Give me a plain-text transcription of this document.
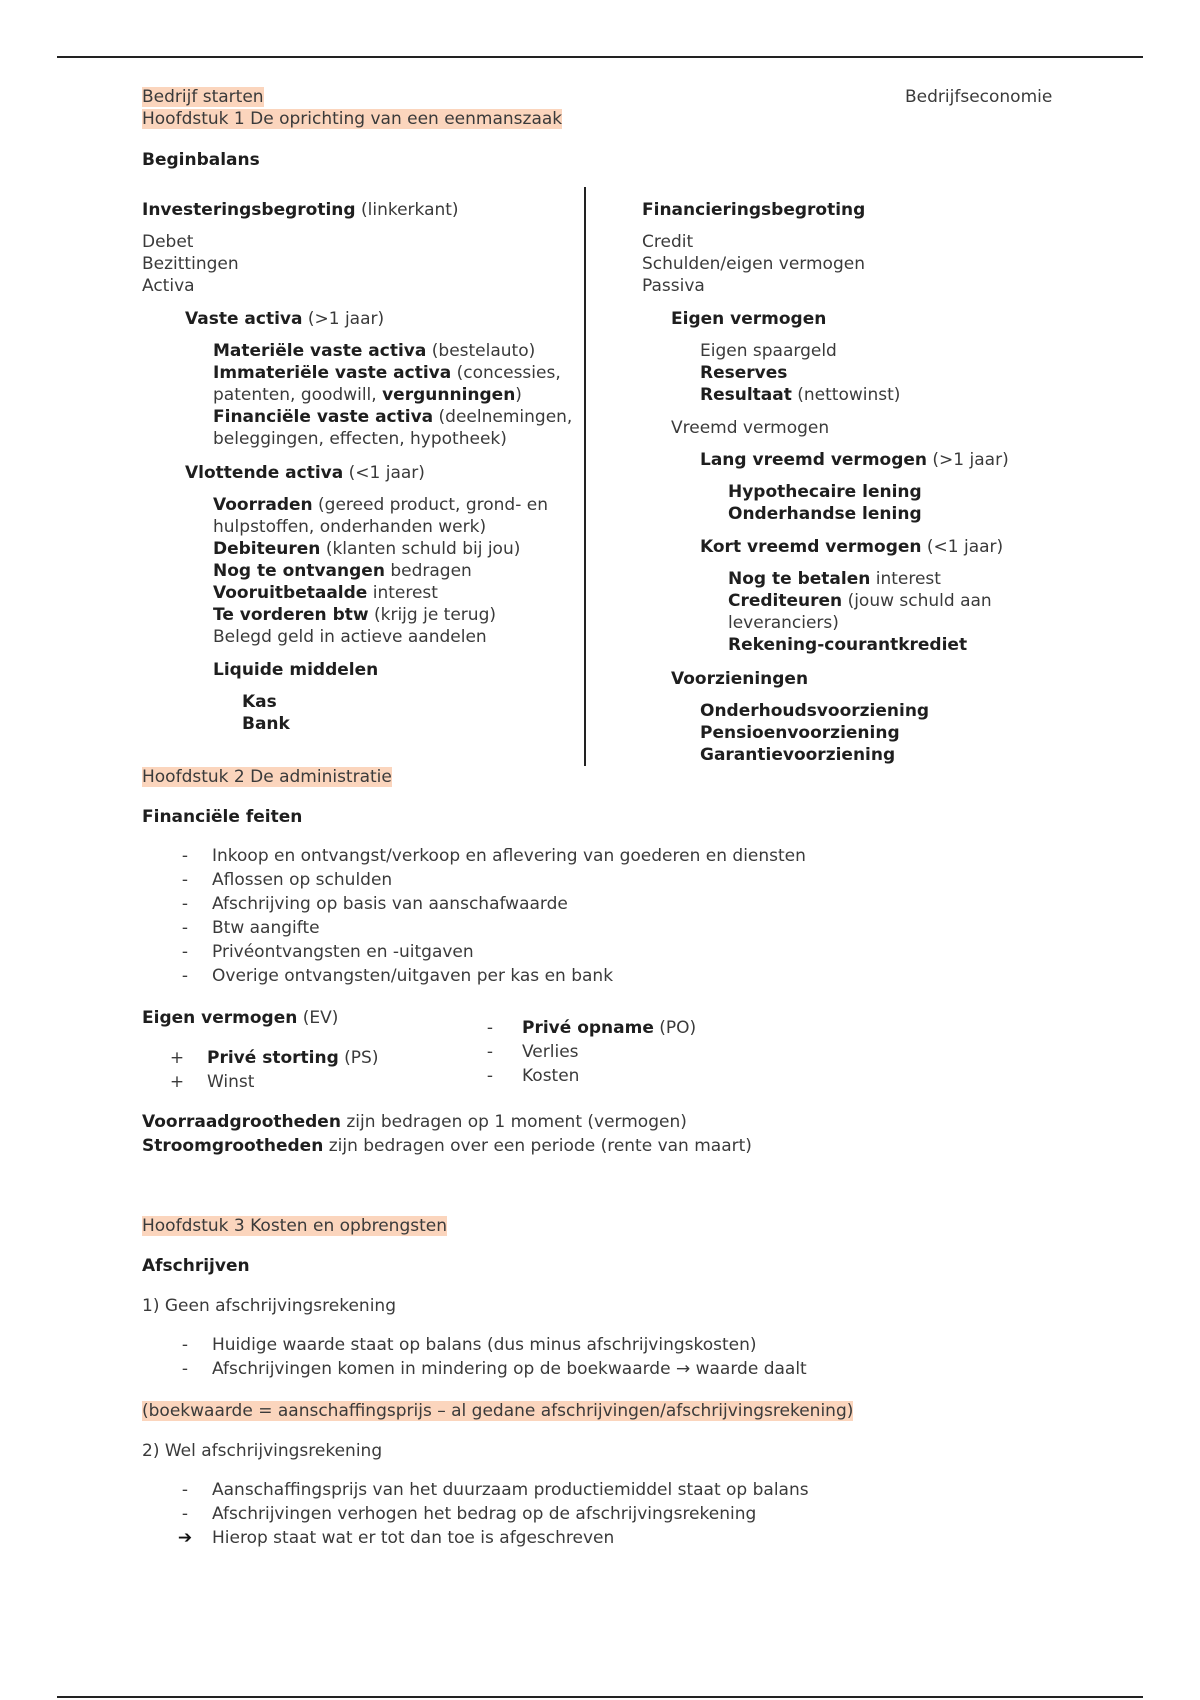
Bedrijf starten
Hoofdstuk 1 De oprichting van een eenmanszaak
Bedrijfseconomie
Beginbalans
Investeringsbegroting (linkerkant)
Debet
Bezittingen
Activa
Vaste activa (>1 jaar)
Materiële vaste activa (bestelauto)
Immateriële vaste activa (concessies,
patenten, goodwill, vergunningen)
Financiële vaste activa (deelnemingen,
beleggingen, effecten, hypotheek)
Vlottende activa (<1 jaar)
Voorraden (gereed product, grond- en
hulpstoffen, onderhanden werk)
Debiteuren (klanten schuld bij jou)
Nog te ontvangen bedragen
Vooruitbetaalde interest
Te vorderen btw (krijg je terug)
Belegd geld in actieve aandelen
Liquide middelen
Kas
Bank
Financieringsbegroting
Credit
Schulden/eigen vermogen
Passiva
Eigen vermogen
Eigen spaargeld
Reserves
Resultaat (nettowinst)
Vreemd vermogen
Lang vreemd vermogen (>1 jaar)
Hypothecaire lening
Onderhandse lening
Kort vreemd vermogen (<1 jaar)
Nog te betalen interest
Crediteuren (jouw schuld aan
leveranciers)
Rekening-courantkrediet
Voorzieningen
Onderhoudsvoorziening
Pensioenvoorziening
Garantievoorziening
Hoofdstuk 2 De administratie
Financiële feiten
-	Inkoop en ontvangst/verkoop en aflevering van goederen en diensten
-	Aflossen op schulden
-	Afschrijving op basis van aanschafwaarde
-	Btw aangifte
-	Privéontvangsten en -uitgaven
-	Overige ontvangsten/uitgaven per kas en bank
Eigen vermogen (EV)
+ Privé storting (PS)
+ Winst
-	Privé opname (PO)
-	Verlies
-	Kosten
Voorraadgrootheden zijn bedragen op 1 moment (vermogen)
Stroomgrootheden zijn bedragen over een periode (rente van maart)
Hoofdstuk 3 Kosten en opbrengsten
Afschrijven
1) Geen afschrijvingsrekening
-	Huidige waarde staat op balans (dus minus afschrijvingskosten)
-	Afschrijvingen komen in mindering op de boekwaarde → waarde daalt
(boekwaarde = aanschaffingsprijs – al gedane afschrijvingen/afschrijvingsrekening)
2) Wel afschrijvingsrekening
-	Aanschaffingsprijs van het duurzaam productiemiddel staat op balans
-	Afschrijvingen verhogen het bedrag op de afschrijvingsrekening
➔ Hierop staat wat er tot dan toe is afgeschreven
